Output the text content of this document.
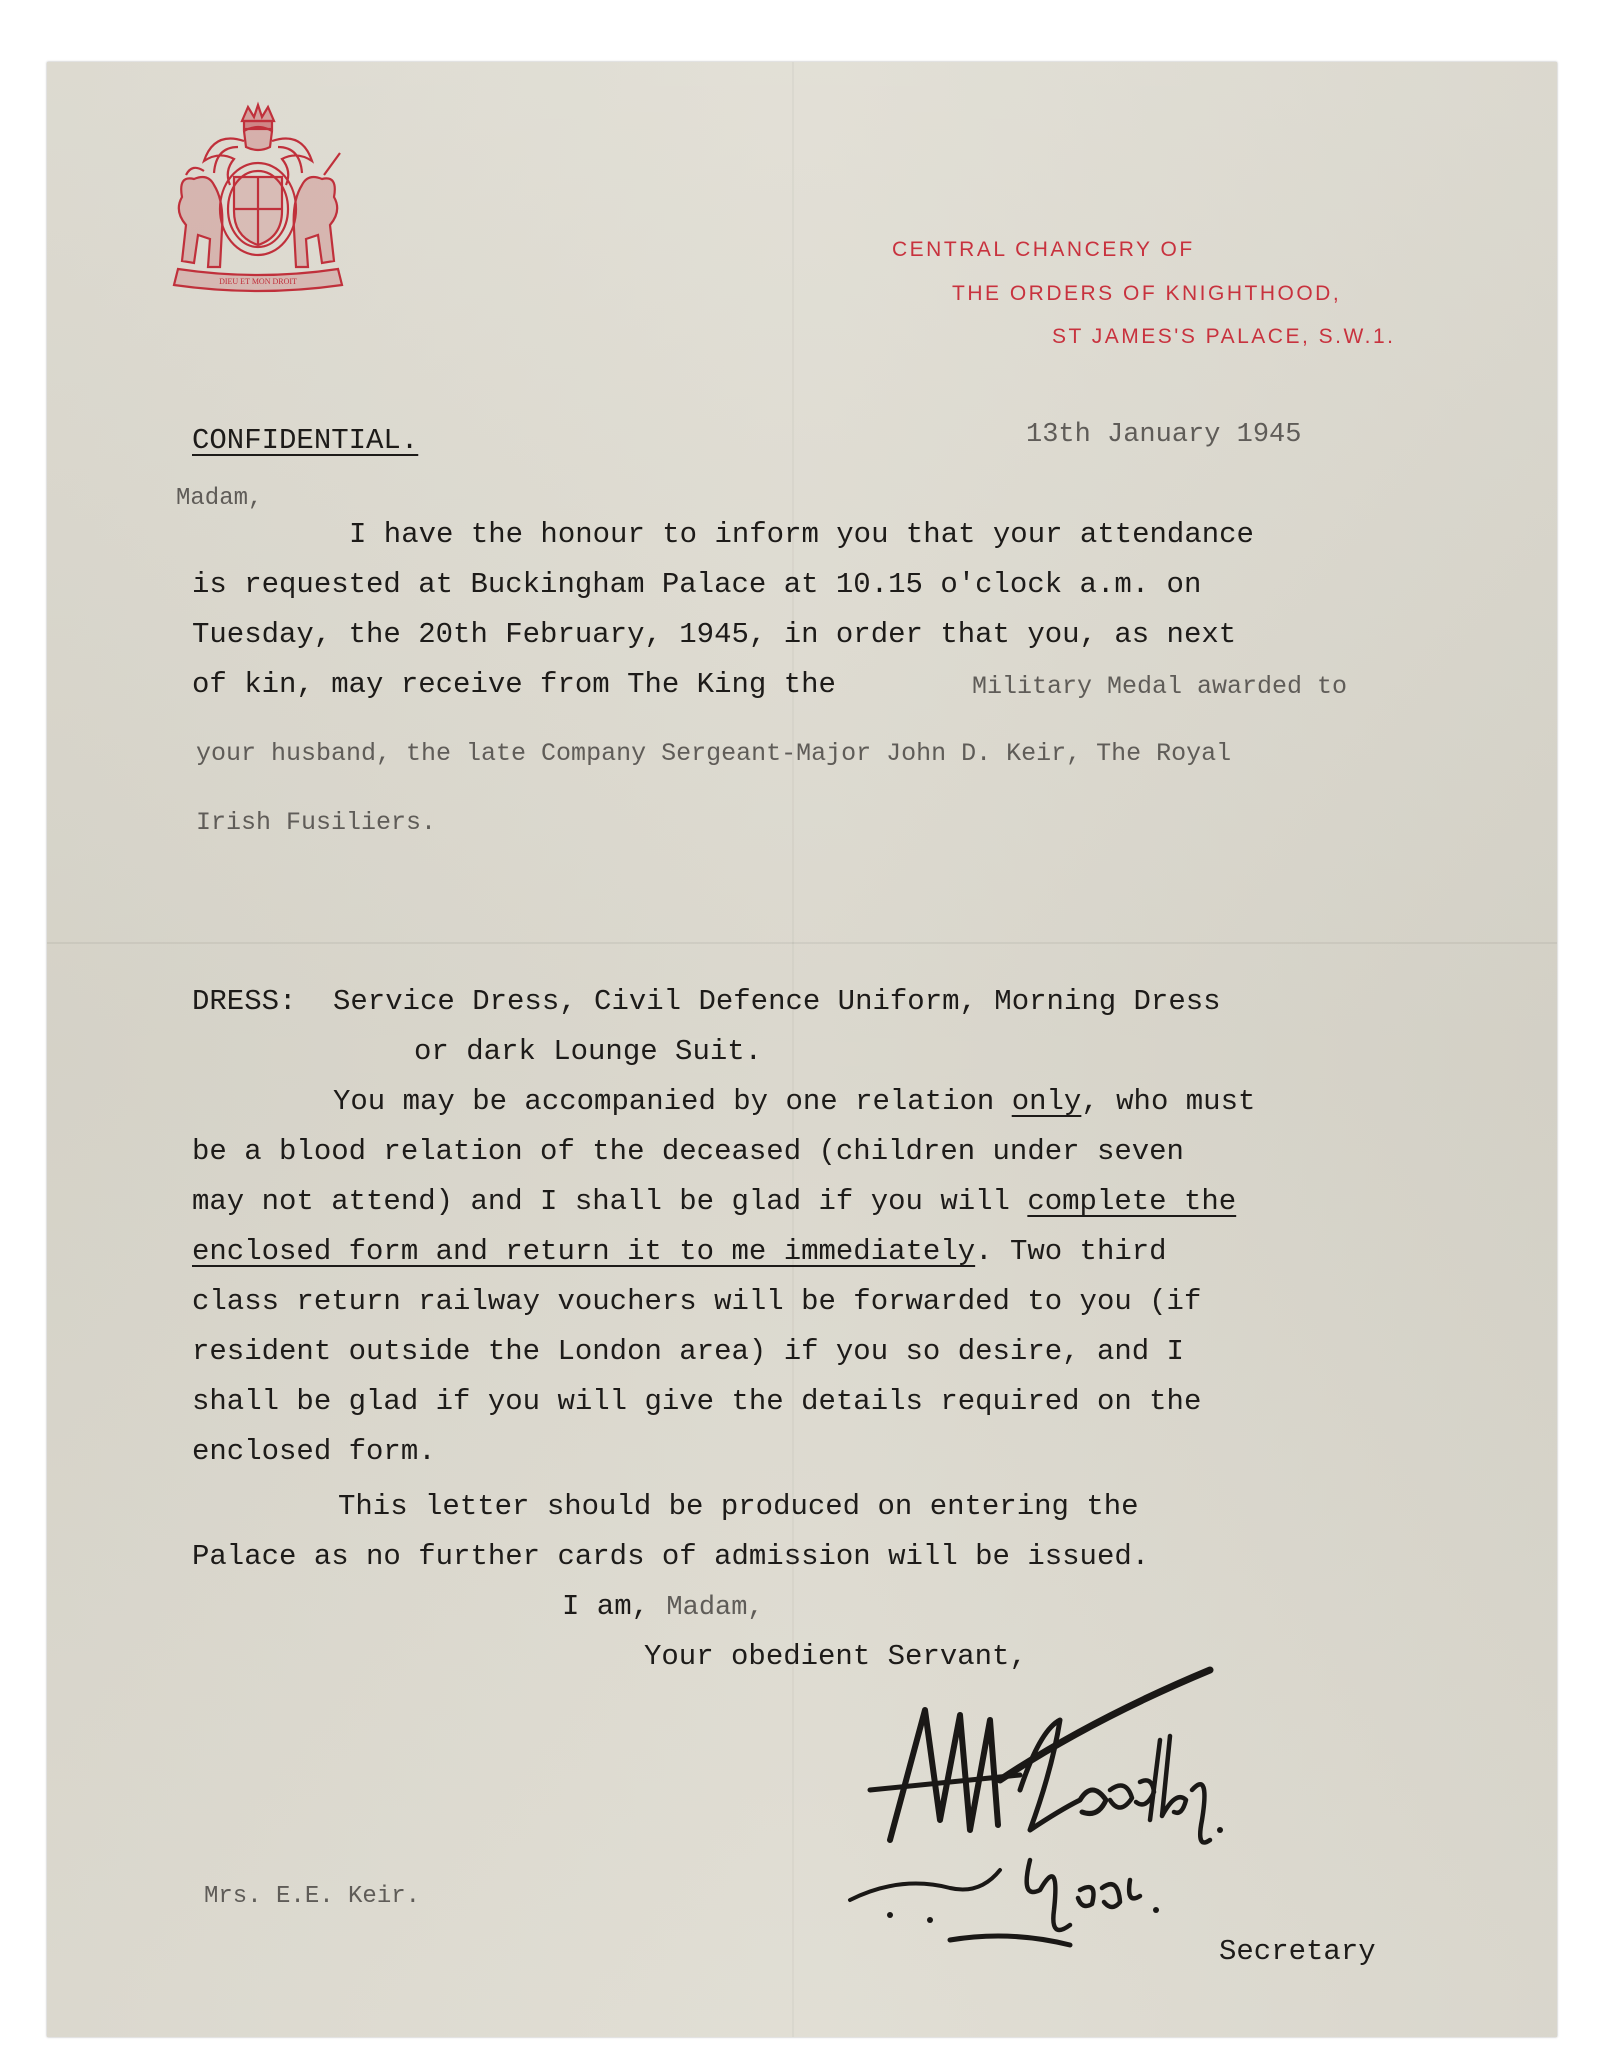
DIEU ET MON DROIT
CENTRAL CHANCERY OF
THE ORDERS OF KNIGHTHOOD,
ST JAMES'S PALACE, S.W.1.
CONFIDENTIAL.	13th January 1945
Madam,
I have the honour to inform you that your attendance
is requested at Buckingham Palace at 10.15 o'clock a.m. on
Tuesday, the 20th February, 1945, in order that you, as next
of kin, may receive from The King the	Military Medal awarded to
your husband, the late Company Sergeant-Major John D. Keir, The Royal
Irish Fusiliers.
DRESS: Service Dress, Civil Defence Uniform, Morning Dress
or dark Lounge Suit.
You may be accompanied by one relation only, who must
be a blood relation of the deceased (children under seven
may not attend) and I shall be glad if you will complete the
enclosed form and return it to me immediately. Two third
class return railway vouchers will be forwarded to you (if
resident outside the London area) if you so desire, and I
shall be glad if you will give the details required on the
enclosed form.
This letter should be produced on entering the
Palace as no further cards of admission will be issued.
I am, Madam,
Your obedient Servant,
Mrs. E.E. Keir.
Secretary
